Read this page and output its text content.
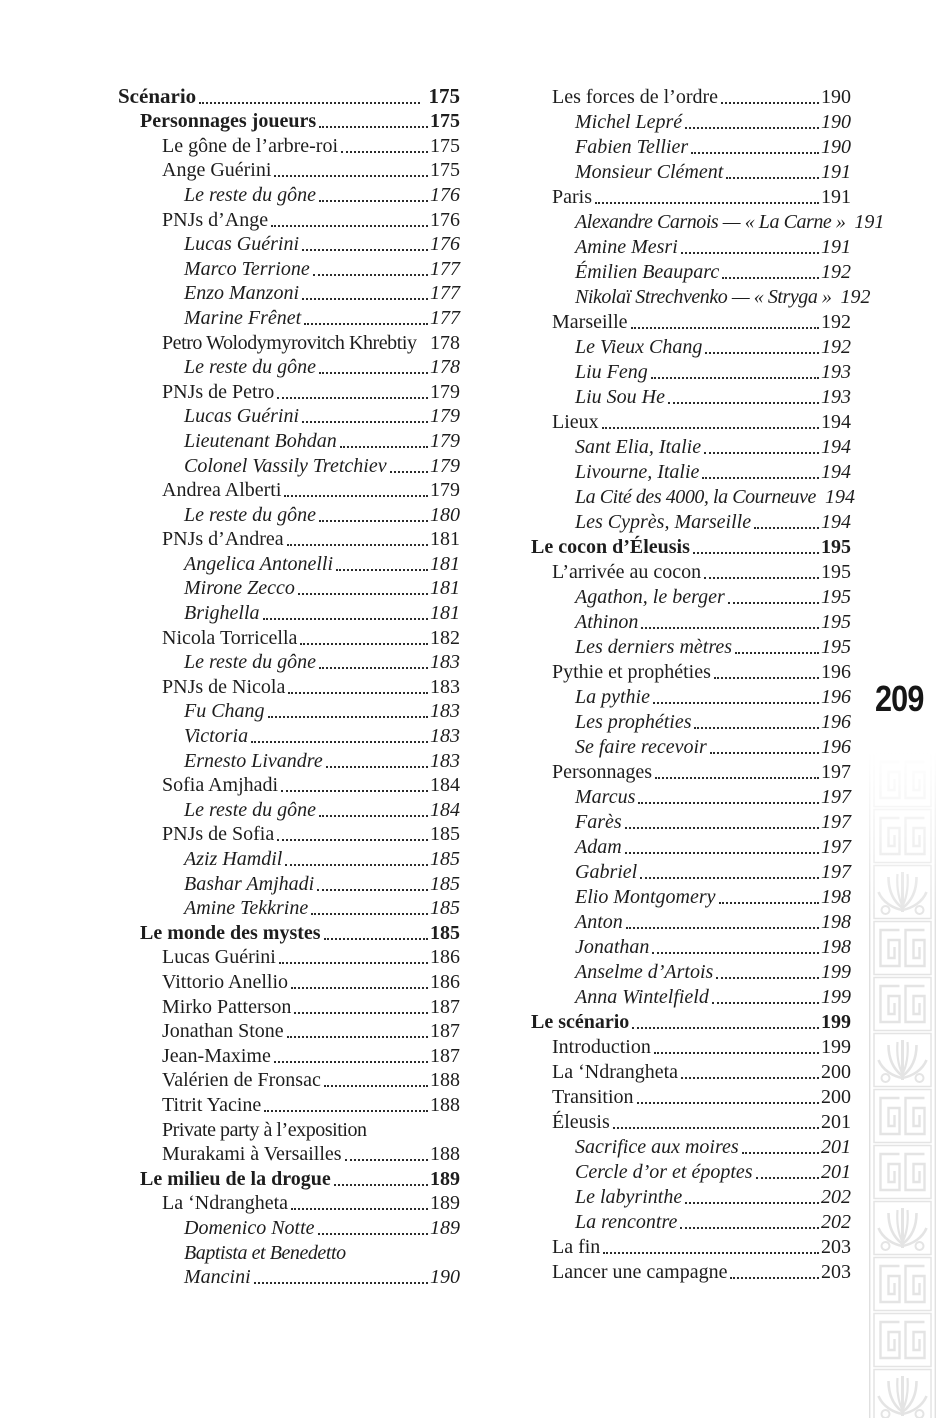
Scénario	175
Personnages joueurs	175
Le gône de l’arbre-roi	175
Ange Guérini	175
Le reste du gône	176
PNJs d’Ange	176
Lucas Guérini	176
Marco Terrione	177
Enzo Manzoni	177
Marine Frênet	177
Petro Wolodymyrovitch Khrebtiy 178
Le reste du gône	178
PNJs de Petro	179
Lucas Guérini	179
Lieutenant Bohdan	179
Colonel Vassily Tretchiev 179
Andrea Alberti	179
Le reste du gône	180
PNJs d’Andrea	181
Angelica Antonelli	181
Mirone Zecco	181
Brighella	181
Nicola Torricella	182
Le reste du gône	183
PNJs de Nicola	183
Fu Chang	183
Victoria	183
Ernesto Livandre	183
Sofia Amjhadi	184
Le reste du gône	184
PNJs de Sofia	185
Aziz Hamdil	185
Bashar Amjhadi	185
Amine Tekkrine	185
Le monde des mystes	185
Lucas Guérini	186
Vittorio Anellio	186
Mirko Patterson	187
Jonathan Stone	187
Jean-Maxime	187
Valérien de Fronsac	188
Titrit Yacine	188
Private party à l’exposition
Murakami à Versailles	188
Le milieu de la drogue	189
La ‘Ndrangheta	189
Domenico Notte	189
Baptista et Benedetto
Mancini	190
Les forces de l’ordre	190
Michel Lepré	190
Fabien Tellier	190
Monsieur Clément	191
Paris	191
Alexandre Carnois — « La Carne » 191
Amine Mesri	191
Émilien Beauparc	192
Nikolaï Strechvenko — « Stryga » 192
Marseille	192
Le Vieux Chang	192
Liu Feng	193
Liu Sou He	193
Lieux	194
Sant Elia, Italie	194
Livourne, Italie	194
La Cité des 4000, la Courneuve 194
Les Cyprès, Marseille	194
Le cocon d’Éleusis	195
L’arrivée au cocon	195
Agathon, le berger	195
Athinon	195
Les derniers mètres	195
Pythie et prophéties	196
La pythie	196
Les prophéties	196
Se faire recevoir	196
Personnages	197
Marcus	197
Farès	197
Adam	197
Gabriel	197
Elio Montgomery	198
Anton	198
Jonathan	198
Anselme d’Artois	199
Anna Wintelfield	199
Le scénario	199
Introduction	199
La ‘Ndrangheta	200
Transition	200
Éleusis	201
Sacrifice aux moires	201
Cercle d’or et époptes	201
Le labyrinthe	202
La rencontre	202
La fin	203
Lancer une campagne	203
209
